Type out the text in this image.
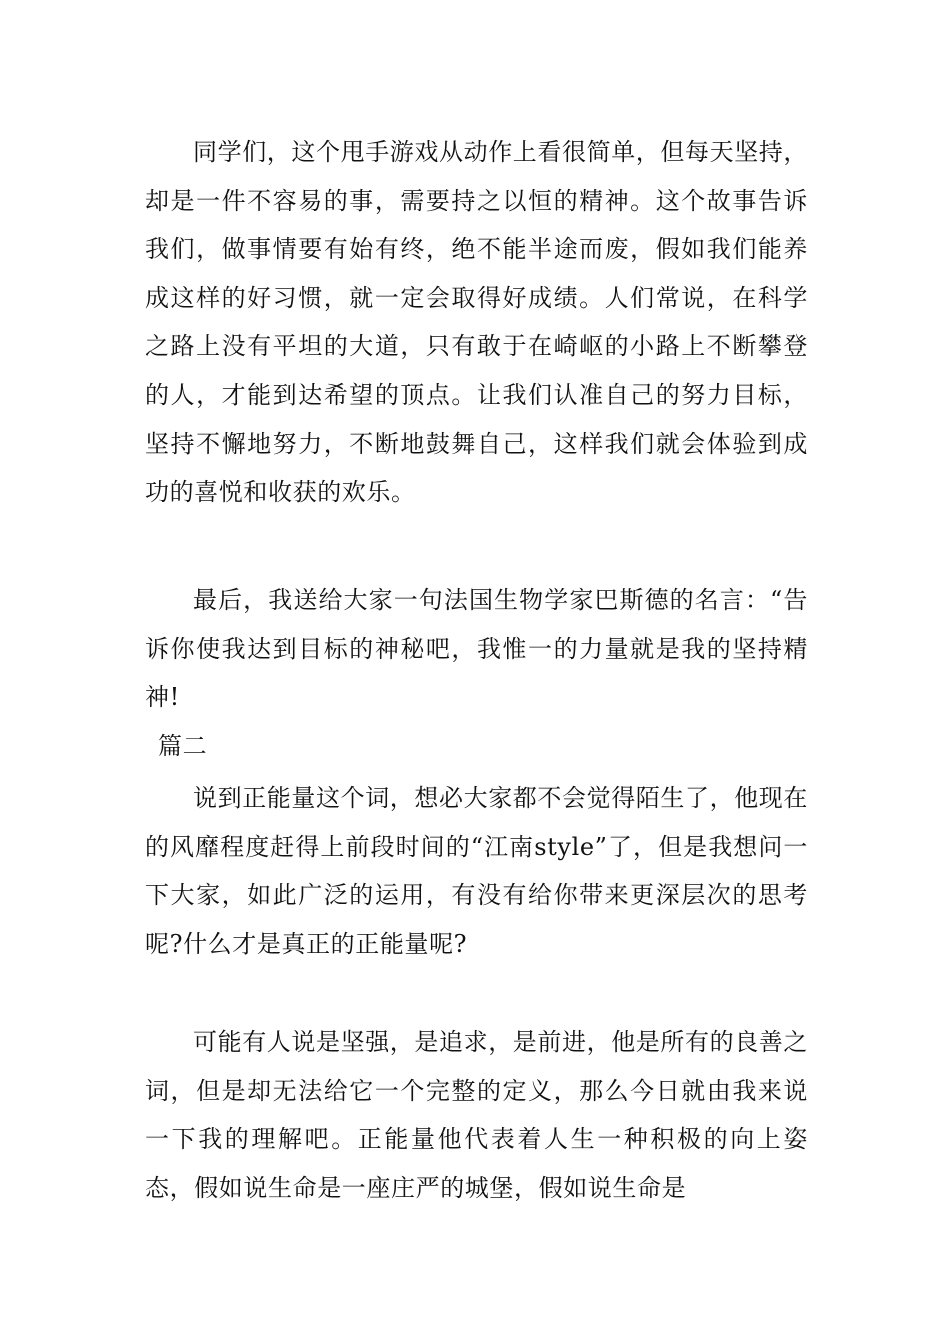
同学们，这个甩手游戏从动作上看很简单，但每天坚持，却是一件不容易的事，需要持之以恒的精神。这个故事告诉我们，做事情要有始有终，绝不能半途而废，假如我们能养成这样的好习惯，就一定会取得好成绩。人们常说，在科学之路上没有平坦的大道，只有敢于在崎岖的小路上不断攀登的人，才能到达希望的顶点。让我们认准自己的努力目标，坚持不懈地努力，不断地鼓舞自己，这样我们就会体验到成功的喜悦和收获的欢乐。

最后，我送给大家一句法国生物学家巴斯德的名言：“告诉你使我达到目标的神秘吧，我惟一的力量就是我的坚持精神!

篇二

说到正能量这个词，想必大家都不会觉得陌生了，他现在的风靡程度赶得上前段时间的“江南style”了，但是我想问一下大家，如此广泛的运用，有没有给你带来更深层次的思考呢?什么才是真正的正能量呢?

可能有人说是坚强，是追求，是前进，他是所有的良善之词，但是却无法给它一个完整的定义，那么今日就由我来说一下我的理解吧。正能量他代表着人生一种积极的向上姿态，假如说生命是一座庄严的城堡，假如说生命是
